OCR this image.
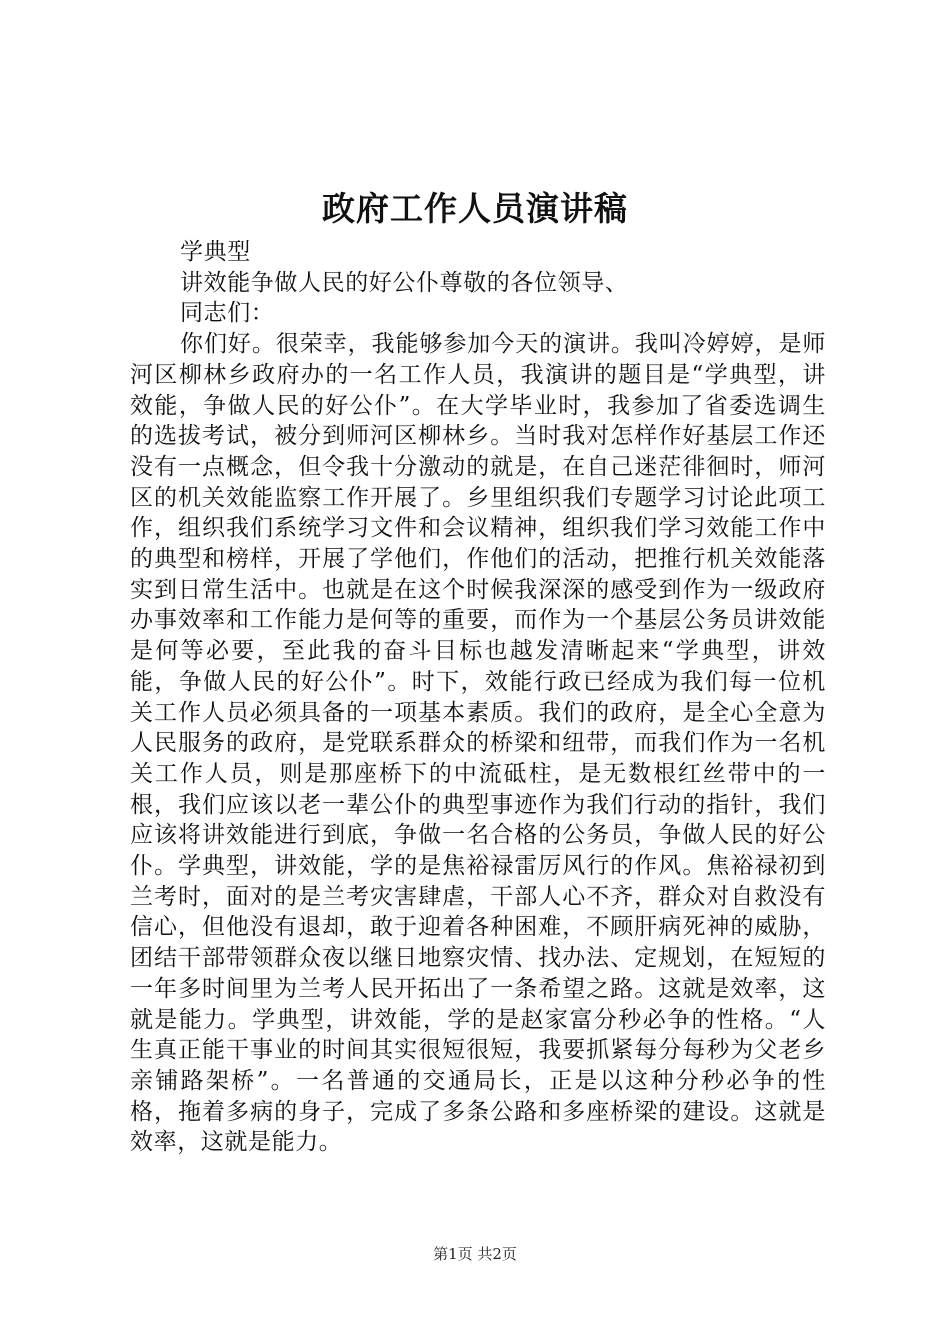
政府工作人员演讲稿

学典型

讲效能争做人民的好公仆尊敬的各位领导、

同志们：

你们好。很荣幸，我能够参加今天的演讲。我叫冷婷婷，是师河区柳林乡政府办的一名工作人员，我演讲的题目是“学典型，讲效能，争做人民的好公仆”。在大学毕业时，我参加了省委选调生的选拔考试，被分到师河区柳林乡。当时我对怎样作好基层工作还没有一点概念，但令我十分激动的就是，在自己迷茫徘徊时，师河区的机关效能监察工作开展了。乡里组织我们专题学习讨论此项工作，组织我们系统学习文件和会议精神，组织我们学习效能工作中的典型和榜样，开展了学他们，作他们的活动，把推行机关效能落实到日常生活中。也就是在这个时候我深深的感受到作为一级政府办事效率和工作能力是何等的重要，而作为一个基层公务员讲效能是何等必要，至此我的奋斗目标也越发清晰起来“学典型，讲效能，争做人民的好公仆”。时下，效能行政已经成为我们每一位机关工作人员必须具备的一项基本素质。我们的政府，是全心全意为人民服务的政府，是党联系群众的桥梁和纽带，而我们作为一名机关工作人员，则是那座桥下的中流砥柱，是无数根红丝带中的一根，我们应该以老一辈公仆的典型事迹作为我们行动的指针，我们应该将讲效能进行到底，争做一名合格的公务员，争做人民的好公仆。学典型，讲效能，学的是焦裕禄雷厉风行的作风。焦裕禄初到兰考时，面对的是兰考灾害肆虐，干部人心不齐，群众对自救没有信心，但他没有退却，敢于迎着各种困难，不顾肝病死神的威胁，团结干部带领群众夜以继日地察灾情、找办法、定规划，在短短的一年多时间里为兰考人民开拓出了一条希望之路。这就是效率，这就是能力。学典型，讲效能，学的是赵家富分秒必争的性格。“人生真正能干事业的时间其实很短很短，我要抓紧每分每秒为父老乡亲铺路架桥”。一名普通的交通局长，正是以这种分秒必争的性格，拖着多病的身子，完成了多条公路和多座桥梁的建设。这就是效率，这就是能力。

第1页 共2页
